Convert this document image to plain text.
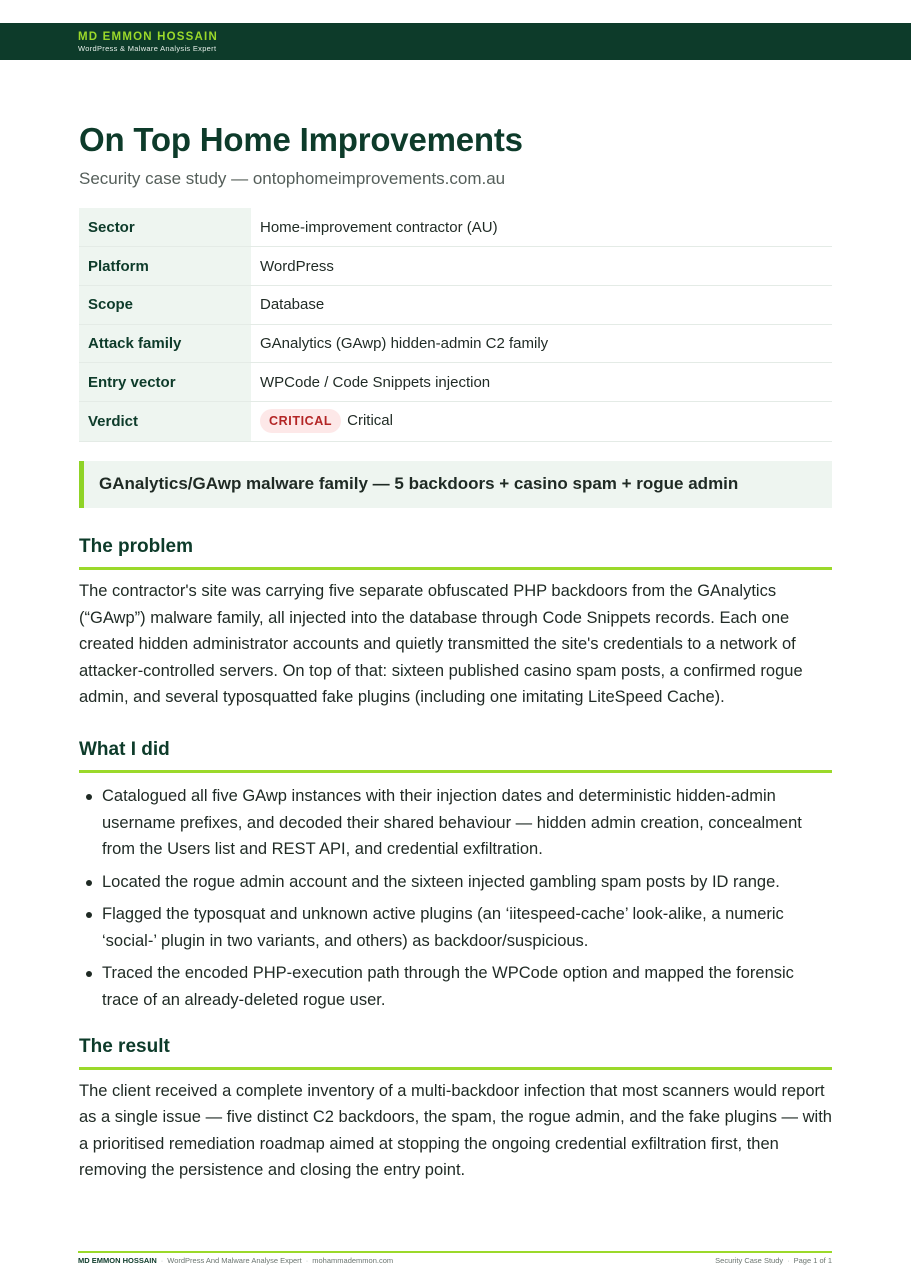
MD EMMON HOSSAIN
WordPress & Malware Analysis Expert
On Top Home Improvements
Security case study — ontophomeimprovements.com.au
Sector	Home-improvement contractor (AU)
Platform	WordPress
Scope	Database
Attack family	GAnalytics (GAwp) hidden-admin C2 family
Entry vector	WPCode / Code Snippets injection
Verdict	CRITICAL Critical
GAnalytics/GAwp malware family — 5 backdoors + casino spam + rogue admin
The problem

The contractor's site was carrying five separate obfuscated PHP backdoors from the GAnalytics (“GAwp”) malware family, all injected into the database through Code Snippets records. Each one created hidden administrator accounts and quietly transmitted the site's credentials to a network of attacker-controlled servers. On top of that: sixteen published casino spam posts, a confirmed rogue admin, and several typosquatted fake plugins (including one imitating LiteSpeed Cache).

What I did
Catalogued all five GAwp instances with their injection dates and deterministic hidden-admin username prefixes, and decoded their shared behaviour — hidden admin creation, concealment from the Users list and REST API, and credential exfiltration.
Located the rogue admin account and the sixteen injected gambling spam posts by ID range.
Flagged the typosquat and unknown active plugins (an ‘iitespeed-cache’ look-alike, a numeric ‘social-’ plugin in two variants, and others) as backdoor/suspicious.
Traced the encoded PHP-execution path through the WPCode option and mapped the forensic trace of an already-deleted rogue user.
The result

The client received a complete inventory of a multi-backdoor infection that most scanners would report as a single issue — five distinct C2 backdoors, the spam, the rogue admin, and the fake plugins — with a prioritised remediation roadmap aimed at stopping the ongoing credential exfiltration first, then removing the persistence and closing the entry point.

MD EMMON HOSSAIN · WordPress And Malware Analyse Expert · mohammademmon.com	Security Case Study · Page 1 of 1
